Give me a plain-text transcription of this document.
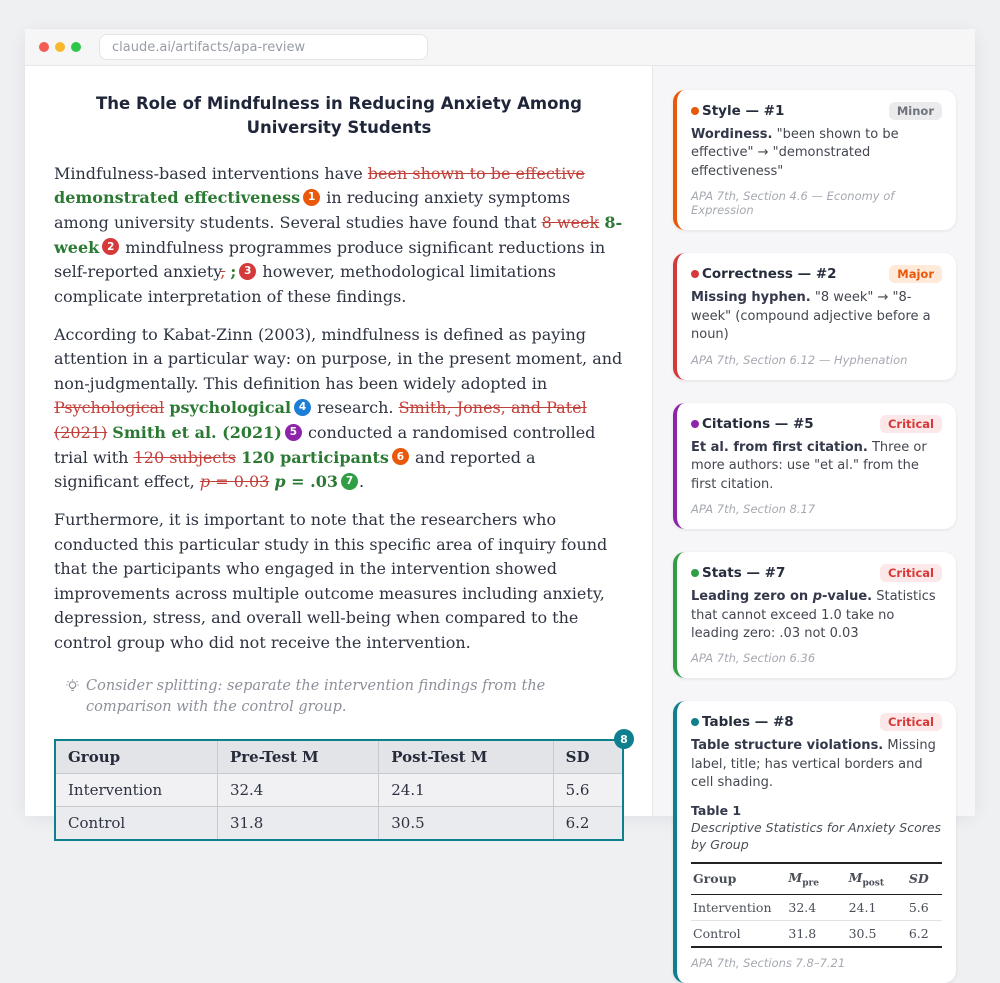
claude.ai/artifacts/apa-review
The Role of Mindfulness in Reducing Anxiety Among University Students

Mindfulness-based interventions have been shown to be effective demonstrated effectiveness 1 in reducing anxiety symptoms among university students. Several studies have found that 8 week 8-week 2 mindfulness programmes produce significant reductions in self-reported anxiety, ; 3 however, methodological limitations complicate interpretation of these findings.

According to Kabat-Zinn (2003), mindfulness is defined as paying attention in a particular way: on purpose, in the present moment, and non-judgmentally. This definition has been widely adopted in Psychological psychological 4 research. Smith, Jones, and Patel (2021) Smith et al. (2021) 5 conducted a randomised controlled trial with 120 subjects 120 participants 6 and reported a significant effect, p = 0.03 p = .03 7 .

Furthermore, it is important to note that the researchers who conducted this particular study in this specific area of inquiry found that the participants who engaged in the intervention showed improvements across multiple outcome measures including anxiety, depression, stress, and overall well-being when compared to the control group who did not receive the intervention.

Consider splitting: separate the intervention findings from the comparison with the control group.
Group	Pre-Test M	Post-Test M	SD
Intervention	32.4	24.1	5.6
Control	31.8	30.5	6.2
8
Style — #1	Minor
Wordiness. "been shown to be effective" → "demonstrated effectiveness"
APA 7th, Section 4.6 — Economy of Expression
Correctness — #2	Major
Missing hyphen. "8 week" → "8-week" (compound adjective before a noun)
APA 7th, Section 6.12 — Hyphenation
Citations — #5	Critical
Et al. from first citation. Three or more authors: use "et al." from the first citation.
APA 7th, Section 8.17
Stats — #7	Critical
Leading zero on p-value. Statistics that cannot exceed 1.0 take no leading zero: .03 not 0.03
APA 7th, Section 6.36
Tables — #8	Critical
Table structure violations. Missing label, title; has vertical borders and cell shading.
Table 1
Descriptive Statistics for Anxiety Scores by Group
Group	$M_{pre}$	$M_{post}$	SD
Intervention	32.4	24.1	5.6
Control	31.8	30.5	6.2
APA 7th, Sections 7.8–7.21
